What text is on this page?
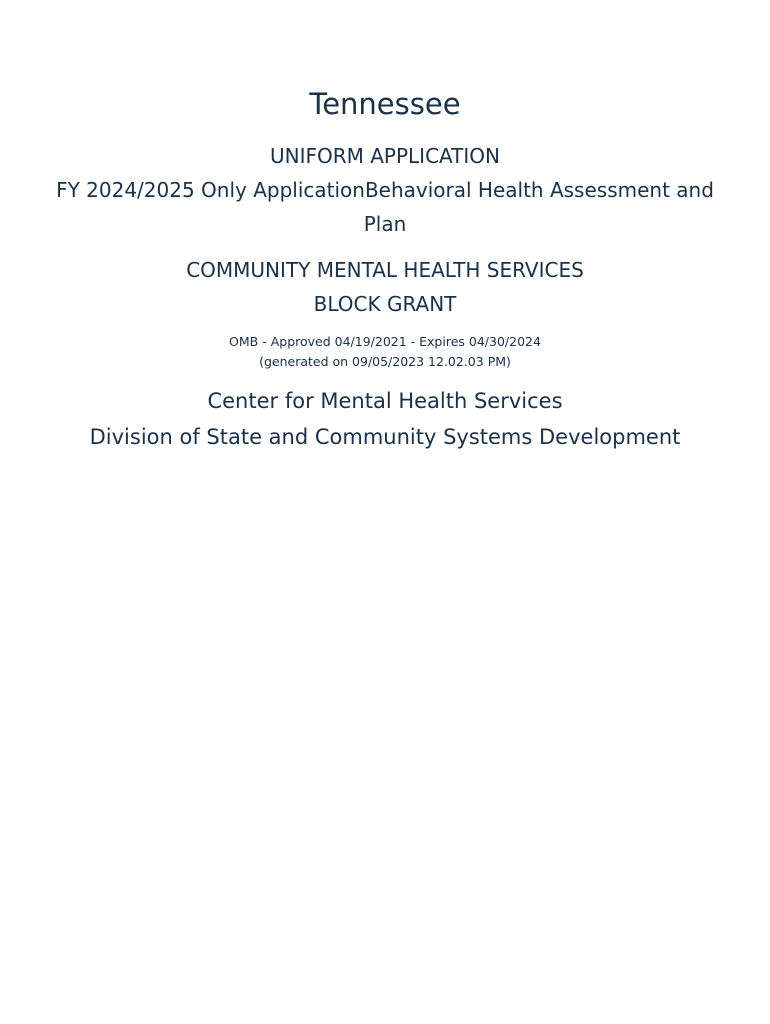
Tennessee
UNIFORM APPLICATION
FY 2024/2025 Only ApplicationBehavioral Health Assessment and Plan
COMMUNITY MENTAL HEALTH SERVICES
BLOCK GRANT
OMB - Approved 04/19/2021 - Expires 04/30/2024
(generated on 09/05/2023 12.02.03 PM)
Center for Mental Health Services
Division of State and Community Systems Development
